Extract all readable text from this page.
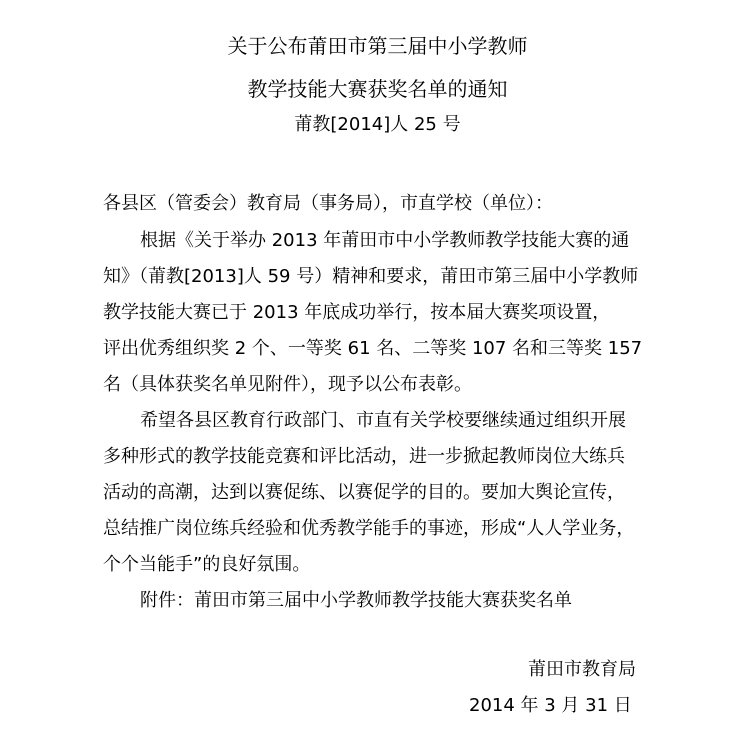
关于公布莆田市第三届中小学教师
教学技能大赛获奖名单的通知
莆教[2014]人 25 号
各县区（管委会）教育局（事务局），市直学校（单位）：
根据《关于举办 2013 年莆田市中小学教师教学技能大赛的通
知》（莆教[2013]人 59 号）精神和要求，莆田市第三届中小学教师
教学技能大赛已于 2013 年底成功举行，按本届大赛奖项设置，
评出优秀组织奖 2 个、一等奖 61 名、二等奖 107 名和三等奖 157
名（具体获奖名单见附件），现予以公布表彰。
希望各县区教育行政部门、市直有关学校要继续通过组织开展
多种形式的教学技能竞赛和评比活动，进一步掀起教师岗位大练兵
活动的高潮，达到以赛促练、以赛促学的目的。要加大舆论宣传，
总结推广岗位练兵经验和优秀教学能手的事迹，形成“人人学业务，
个个当能手”的良好氛围。
附件：莆田市第三届中小学教师教学技能大赛获奖名单
莆田市教育局
2014 年 3 月 31 日
